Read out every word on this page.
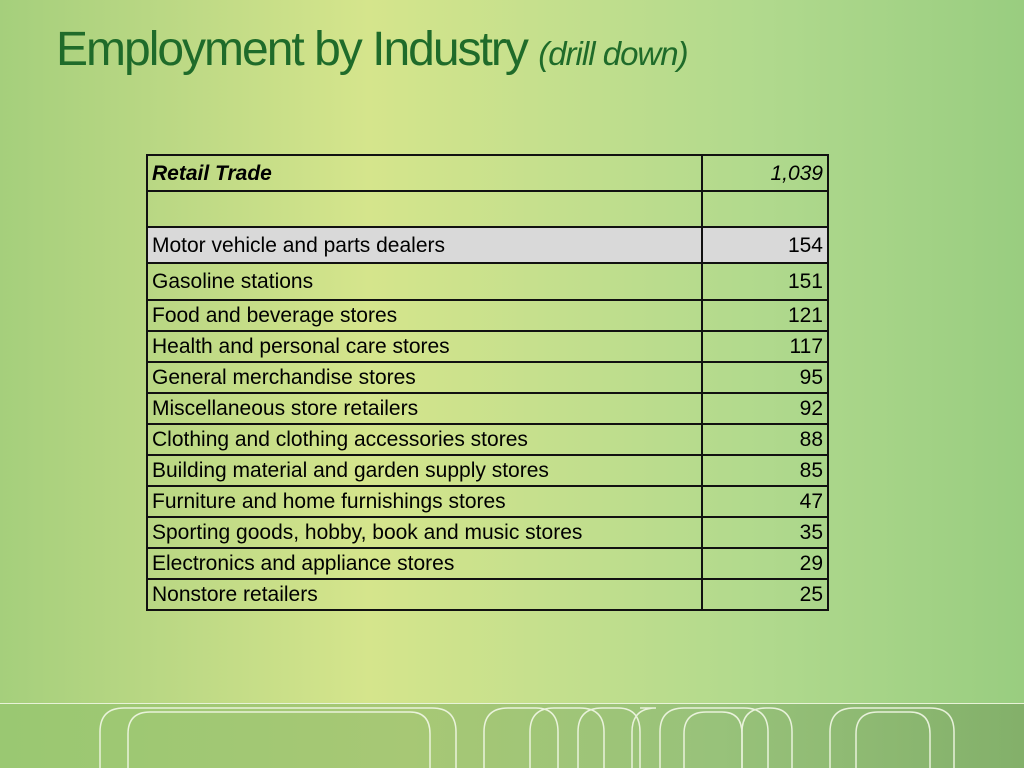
Employment by Industry (drill down)
Retail Trade	1,039

Motor vehicle and parts dealers	154
Gasoline stations	151
Food and beverage stores	121
Health and personal care stores	117
General merchandise stores	95
Miscellaneous store retailers	92
Clothing and clothing accessories stores	88
Building material and garden supply stores	85
Furniture and home furnishings stores	47
Sporting goods, hobby, book and music stores	35
Electronics and appliance stores	29
Nonstore retailers	25
